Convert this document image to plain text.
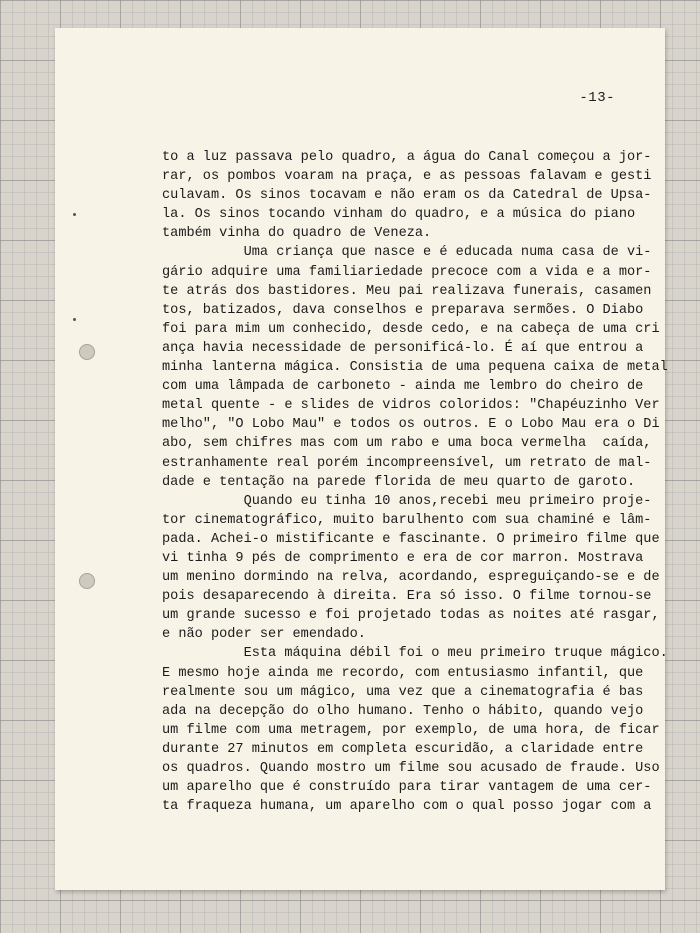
-13-
to a luz passava pelo quadro, a água do Canal começou a jor-
rar, os pombos voaram na praça, e as pessoas falavam e gesti
culavam. Os sinos tocavam e não eram os da Catedral de Upsa-
la. Os sinos tocando vinham do quadro, e a música do piano
também vinha do quadro de Veneza.
Uma criança que nasce e é educada numa casa de vi-
gário adquire uma familiariedade precoce com a vida e a mor-
te atrás dos bastidores. Meu pai realizava funerais, casamen
tos, batizados, dava conselhos e preparava sermões. O Diabo
foi para mim um conhecido, desde cedo, e na cabeça de uma cri
ança havia necessidade de personificá-lo. É aí que entrou a
minha lanterna mágica. Consistia de uma pequena caixa de metal
com uma lâmpada de carboneto - ainda me lembro do cheiro de
metal quente - e slides de vidros coloridos: "Chapéuzinho Ver
melho", "O Lobo Mau" e todos os outros. E o Lobo Mau era o Di
abo, sem chifres mas com um rabo e uma boca vermelha  caída,
estranhamente real porém incompreensível, um retrato de mal-
dade e tentação na parede florida de meu quarto de garoto.
Quando eu tinha 10 anos,recebi meu primeiro proje-
tor cinematográfico, muito barulhento com sua chaminé e lâm-
pada. Achei-o mistificante e fascinante. O primeiro filme que
vi tinha 9 pés de comprimento e era de cor marron. Mostrava
um menino dormindo na relva, acordando, espreguiçando-se e de
pois desaparecendo à direita. Era só isso. O filme tornou-se
um grande sucesso e foi projetado todas as noites até rasgar,
e não poder ser emendado.
Esta máquina débil foi o meu primeiro truque mágico.
E mesmo hoje ainda me recordo, com entusiasmo infantil, que
realmente sou um mágico, uma vez que a cinematografia é bas
ada na decepção do olho humano. Tenho o hábito, quando vejo
um filme com uma metragem, por exemplo, de uma hora, de ficar
durante 27 minutos em completa escuridão, a claridade entre
os quadros. Quando mostro um filme sou acusado de fraude. Uso
um aparelho que é construído para tirar vantagem de uma cer-
ta fraqueza humana, um aparelho com o qual posso jogar com a
